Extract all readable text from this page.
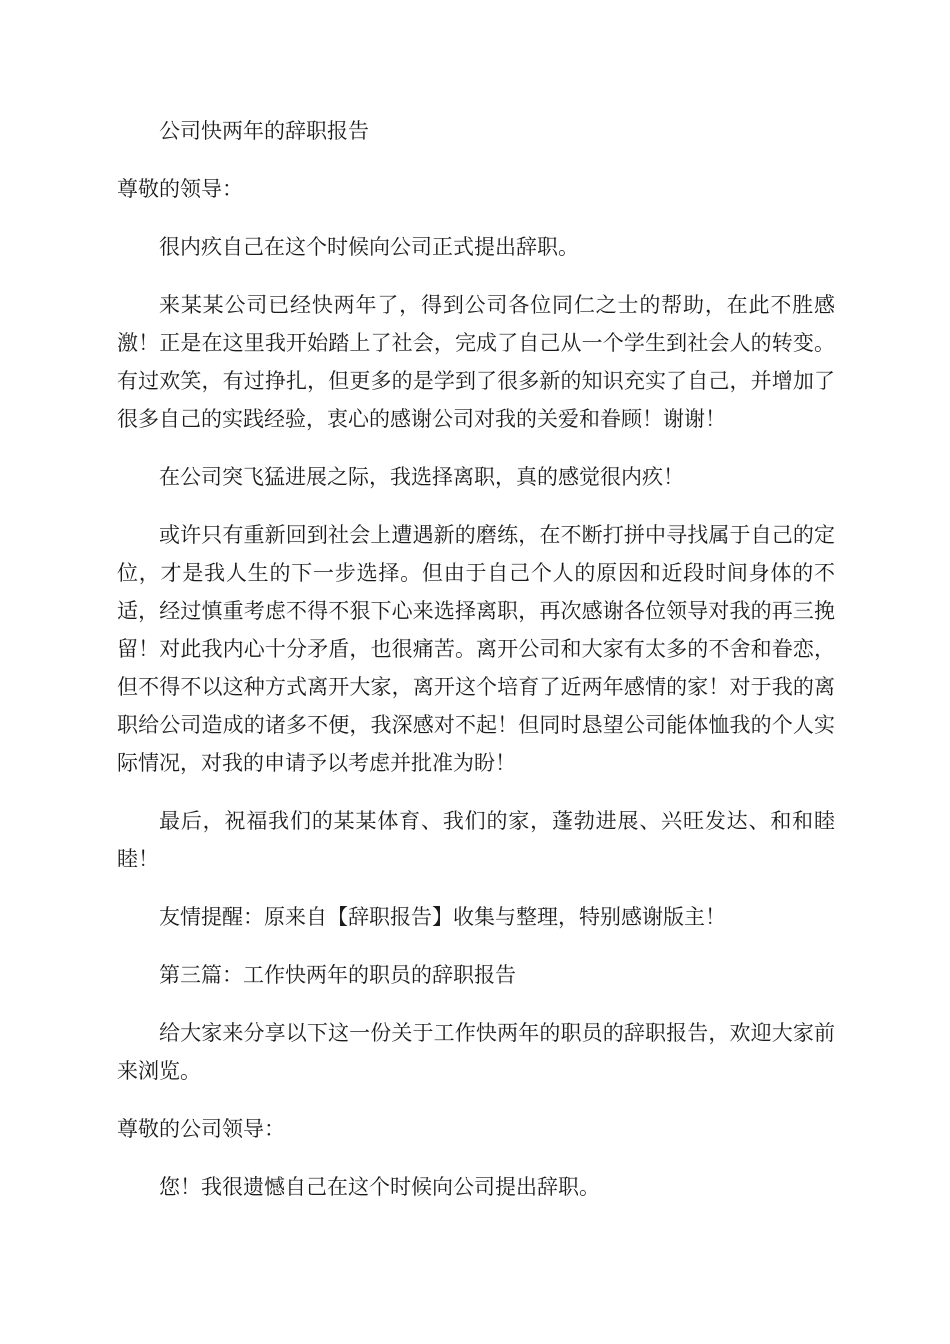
公司快两年的辞职报告

尊敬的领导：

很内疚自己在这个时候向公司正式提出辞职。

来某某公司已经快两年了，得到公司各位同仁之士的帮助，在此不胜感激！正是在这里我开始踏上了社会，完成了自己从一个学生到社会人的转变。有过欢笑，有过挣扎，但更多的是学到了很多新的知识充实了自己，并增加了很多自己的实践经验，衷心的感谢公司对我的关爱和眷顾！谢谢！

在公司突飞猛进展之际，我选择离职，真的感觉很内疚！

或许只有重新回到社会上遭遇新的磨练，在不断打拼中寻找属于自己的定位，才是我人生的下一步选择。但由于自己个人的原因和近段时间身体的不适，经过慎重考虑不得不狠下心来选择离职，再次感谢各位领导对我的再三挽留！对此我内心十分矛盾，也很痛苦。离开公司和大家有太多的不舍和眷恋，但不得不以这种方式离开大家，离开这个培育了近两年感情的家！对于我的离职给公司造成的诸多不便，我深感对不起！但同时恳望公司能体恤我的个人实际情况，对我的申请予以考虑并批准为盼！

最后，祝福我们的某某体育、我们的家，蓬勃进展、兴旺发达、和和睦睦！

友情提醒：原来自【辞职报告】收集与整理，特别感谢版主！

第三篇：工作快两年的职员的辞职报告

给大家来分享以下这一份关于工作快两年的职员的辞职报告，欢迎大家前来浏览。

尊敬的公司领导：

您！我很遗憾自己在这个时候向公司提出辞职。
